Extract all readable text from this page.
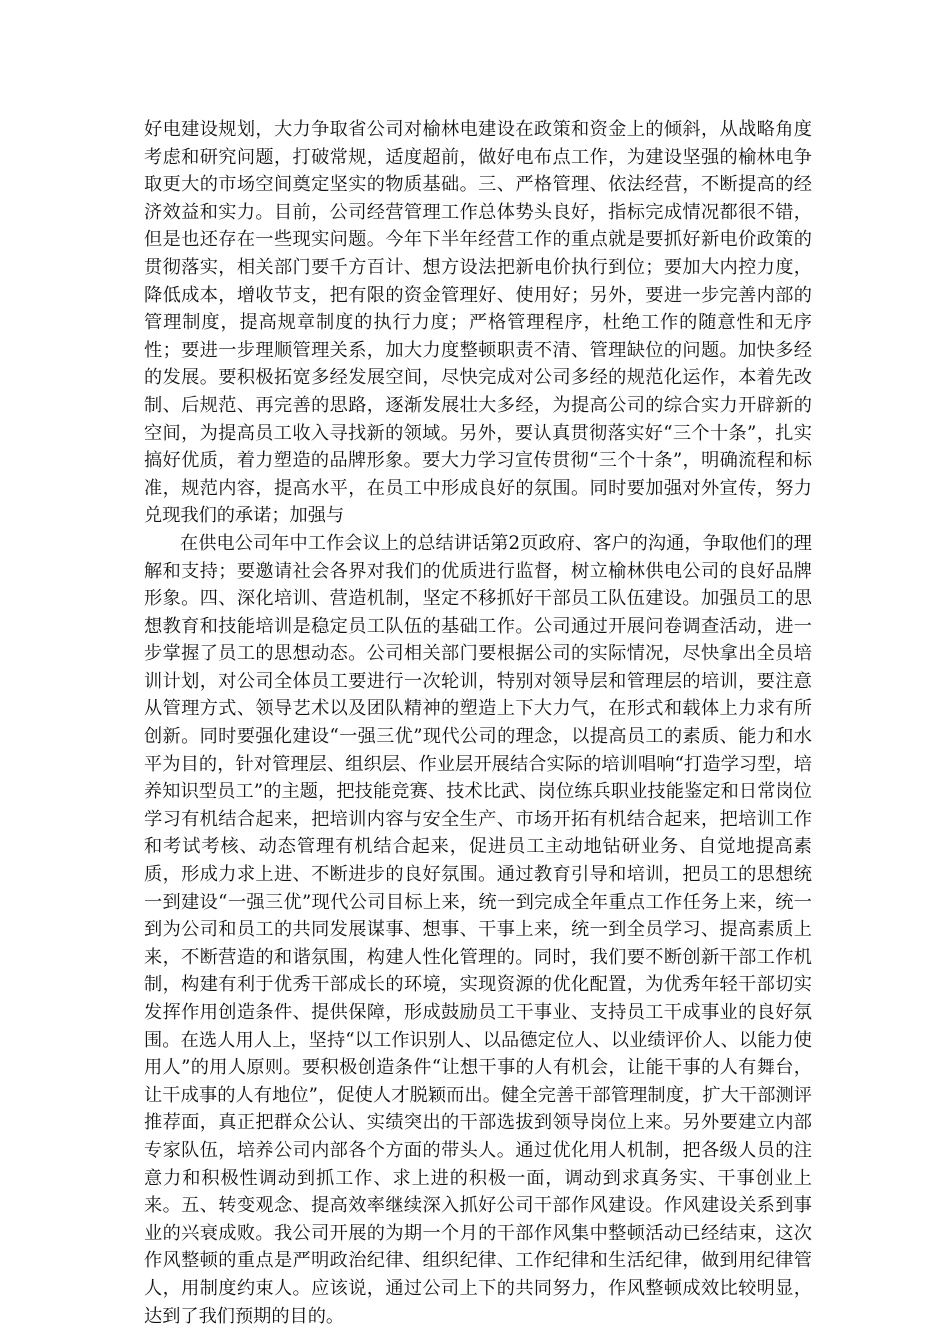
好电建设规划，大力争取省公司对榆林电建设在政策和资金上的倾斜，从战略角度考虑和研究问题，打破常规，适度超前，做好电布点工作，为建设坚强的榆林电争取更大的市场空间奠定坚实的物质基础。三、严格管理、依法经营，不断提高的经济效益和实力。目前，公司经营管理工作总体势头良好，指标完成情况都很不错，但是也还存在一些现实问题。今年下半年经营工作的重点就是要抓好新电价政策的贯彻落实，相关部门要千方百计、想方设法把新电价执行到位；要加大内控力度，降低成本，增收节支，把有限的资金管理好、使用好；另外，要进一步完善内部的管理制度，提高规章制度的执行力度；严格管理程序，杜绝工作的随意性和无序性；要进一步理顺管理关系，加大力度整顿职责不清、管理缺位的问题。加快多经的发展。要积极拓宽多经发展空间，尽快完成对公司多经的规范化运作，本着先改制、后规范、再完善的思路，逐渐发展壮大多经，为提高公司的综合实力开辟新的空间，为提高员工收入寻找新的领域。另外，要认真贯彻落实好“三个十条”，扎实搞好优质，着力塑造的品牌形象。要大力学习宣传贯彻“三个十条”，明确流程和标准，规范内容，提高水平，在员工中形成良好的氛围。同时要加强对外宣传，努力兑现我们的承诺；加强与

在供电公司年中工作会议上的总结讲话第2页政府、客户的沟通，争取他们的理解和支持；要邀请社会各界对我们的优质进行监督，树立榆林供电公司的良好品牌形象。四、深化培训、营造机制，坚定不移抓好干部员工队伍建设。加强员工的思想教育和技能培训是稳定员工队伍的基础工作。公司通过开展问卷调查活动，进一步掌握了员工的思想动态。公司相关部门要根据公司的实际情况，尽快拿出全员培训计划，对公司全体员工要进行一次轮训，特别对领导层和管理层的培训，要注意从管理方式、领导艺术以及团队精神的塑造上下大力气，在形式和载体上力求有所创新。同时要强化建设“一强三优”现代公司的理念，以提高员工的素质、能力和水平为目的，针对管理层、组织层、作业层开展结合实际的培训唱响“打造学习型，培养知识型员工”的主题，把技能竞赛、技术比武、岗位练兵职业技能鉴定和日常岗位学习有机结合起来，把培训内容与安全生产、市场开拓有机结合起来，把培训工作和考试考核、动态管理有机结合起来，促进员工主动地钻研业务、自觉地提高素质，形成力求上进、不断进步的良好氛围。通过教育引导和培训，把员工的思想统一到建设“一强三优”现代公司目标上来，统一到完成全年重点工作任务上来，统一到为公司和员工的共同发展谋事、想事、干事上来，统一到全员学习、提高素质上来，不断营造的和谐氛围，构建人性化管理的。同时，我们要不断创新干部工作机制，构建有利于优秀干部成长的环境，实现资源的优化配置，为优秀年轻干部切实发挥作用创造条件、提供保障，形成鼓励员工干事业、支持员工干成事业的良好氛围。在选人用人上，坚持“以工作识别人、以品德定位人、以业绩评价人、以能力使用人”的用人原则。要积极创造条件“让想干事的人有机会，让能干事的人有舞台，让干成事的人有地位”，促使人才脱颖而出。健全完善干部管理制度，扩大干部测评推荐面，真正把群众公认、实绩突出的干部选拔到领导岗位上来。另外要建立内部专家队伍，培养公司内部各个方面的带头人。通过优化用人机制，把各级人员的注意力和积极性调动到抓工作、求上进的积极一面，调动到求真务实、干事创业上来。五、转变观念、提高效率继续深入抓好公司干部作风建设。作风建设关系到事业的兴衰成败。我公司开展的为期一个月的干部作风集中整顿活动已经结束，这次作风整顿的重点是严明政治纪律、组织纪律、工作纪律和生活纪律，做到用纪律管人，用制度约束人。应该说，通过公司上下的共同努力，作风整顿成效比较明显，达到了我们预期的目的。
